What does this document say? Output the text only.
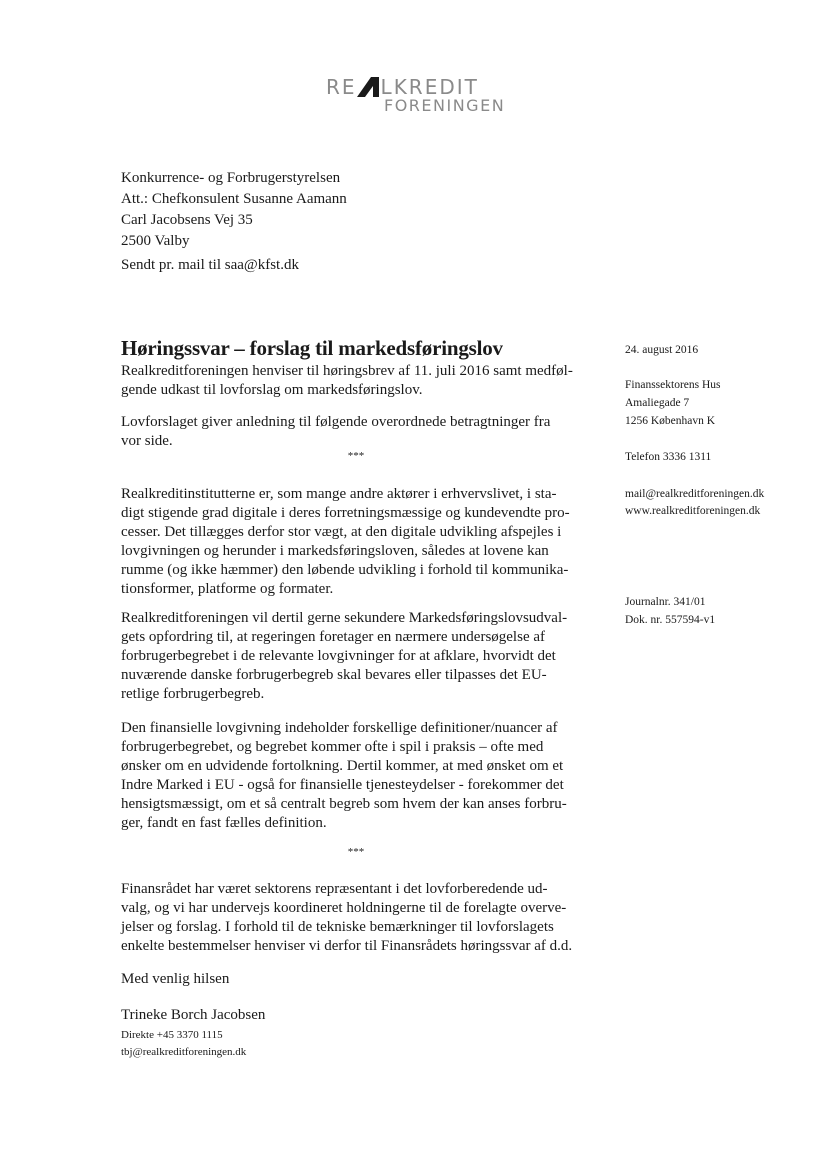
RE LKREDIT
FORENINGEN
Konkurrence- og Forbrugerstyrelsen
Att.: Chefkonsulent Susanne Aamann
Carl Jacobsens Vej 35
2500 Valby
Sendt pr. mail til saa@kfst.dk
Høringssvar – forslag til markedsføringslov

Realkreditforeningen henviser til høringsbrev af 11. juli 2016 samt medføl-

gende udkast til lovforslag om markedsføringslov.

Lovforslaget giver anledning til følgende overordnede betragtninger fra

vor side.

***

Realkreditinstitutterne er, som mange andre aktører i erhvervslivet, i sta-

digt stigende grad digitale i deres forretningsmæssige og kundevendte pro-

cesser. Det tillægges derfor stor vægt, at den digitale udvikling afspejles i

lovgivningen og herunder i markedsføringsloven, således at lovene kan

rumme (og ikke hæmmer) den løbende udvikling i forhold til kommunika-

tionsformer, platforme og formater.

Realkreditforeningen vil dertil gerne sekundere Markedsføringslovsudval-

gets opfordring til, at regeringen foretager en nærmere undersøgelse af

forbrugerbegrebet i de relevante lovgivninger for at afklare, hvorvidt det

nuværende danske forbrugerbegreb skal bevares eller tilpasses det EU-

retlige forbrugerbegreb.

Den finansielle lovgivning indeholder forskellige definitioner/nuancer af

forbrugerbegrebet, og begrebet kommer ofte i spil i praksis – ofte med

ønsker om en udvidende fortolkning. Dertil kommer, at med ønsket om et

Indre Marked i EU - også for finansielle tjenesteydelser - forekommer det

hensigtsmæssigt, om et så centralt begreb som hvem der kan anses forbru-

ger, fandt en fast fælles definition.

***

Finansrådet har været sektorens repræsentant i det lovforberedende ud-

valg, og vi har undervejs koordineret holdningerne til de forelagte overve-

jelser og forslag. I forhold til de tekniske bemærkninger til lovforslagets

enkelte bestemmelser henviser vi derfor til Finansrådets høringssvar af d.d.

Med venlig hilsen
Trineke Borch Jacobsen
Direkte +45 3370 1115
tbj@realkreditforeningen.dk
24. august 2016
Finanssektorens Hus
Amaliegade 7
1256 København K
Telefon 3336 1311
mail@realkreditforeningen.dk
www.realkreditforeningen.dk
Journalnr. 341/01
Dok. nr. 557594-v1
